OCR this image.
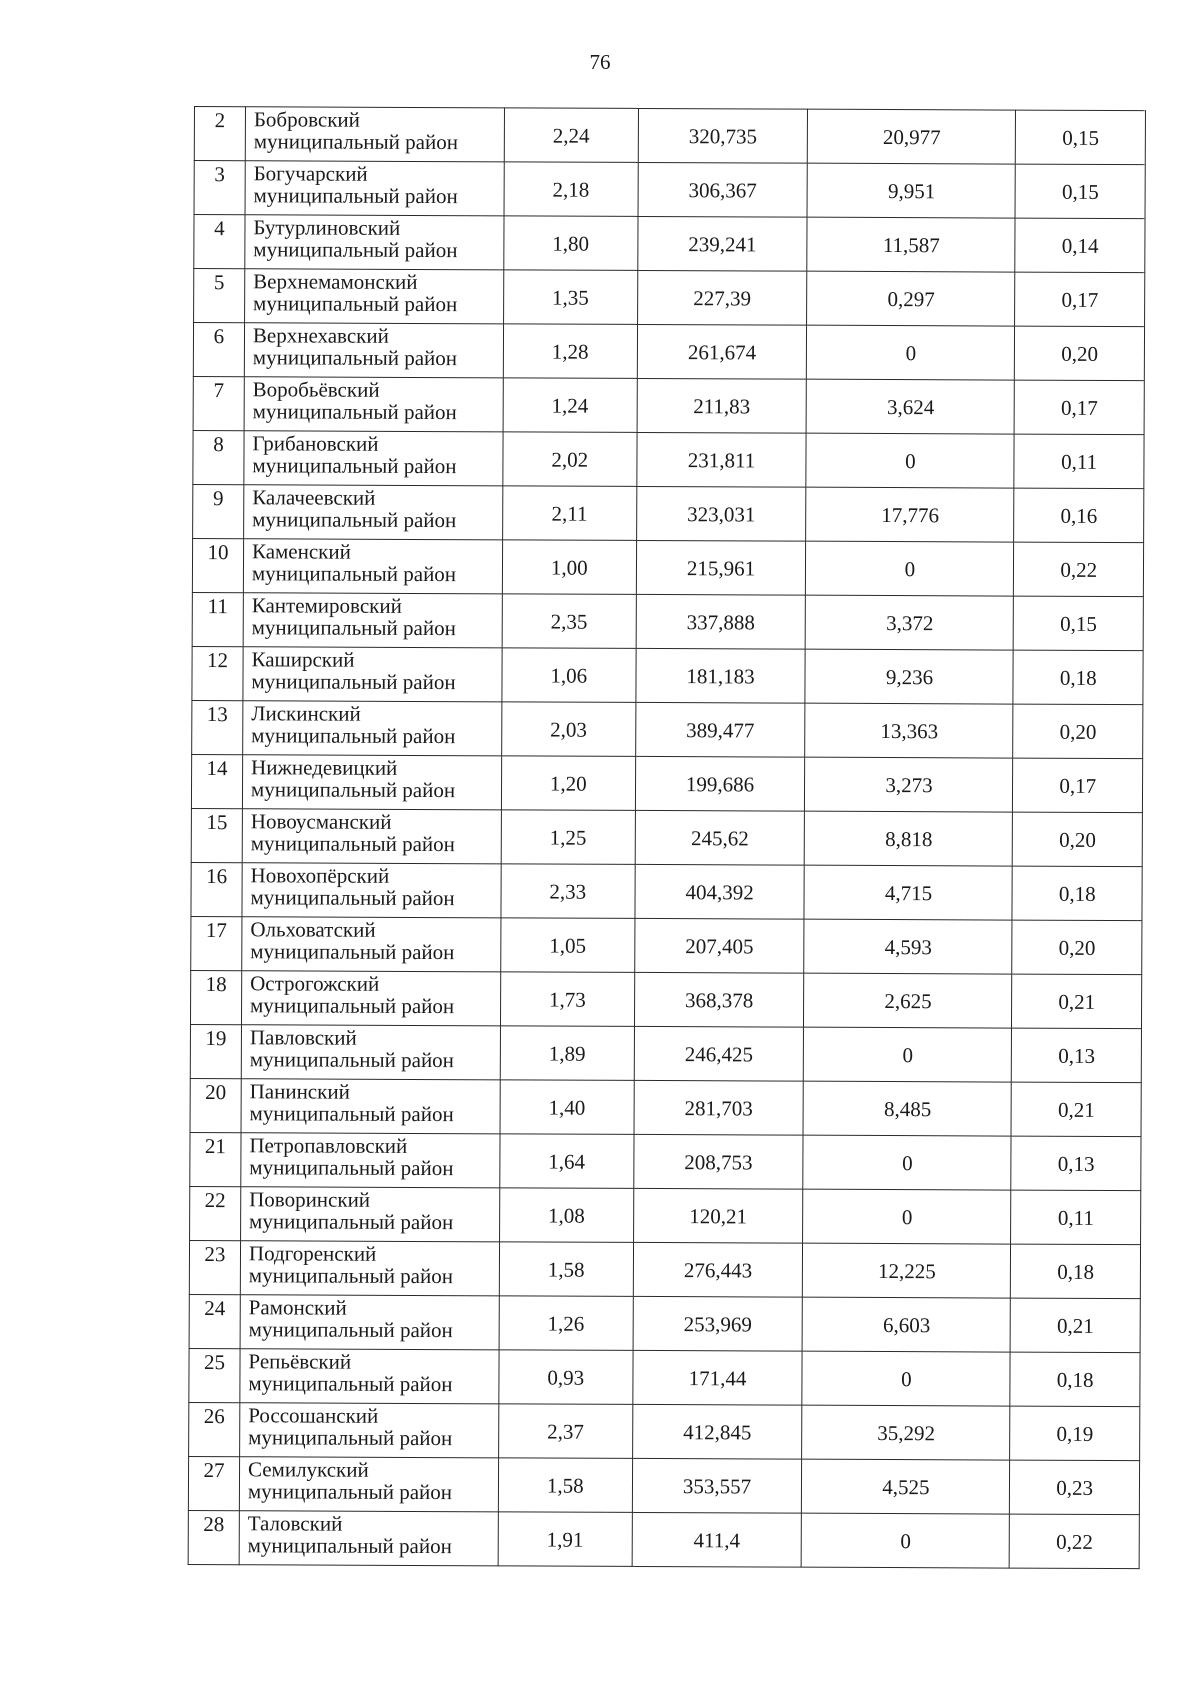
76
2	Бобровский
муниципальный район	2,24	320,735	20,977	0,15
3	Богучарский
муниципальный район	2,18	306,367	9,951	0,15
4	Бутурлиновский
муниципальный район	1,80	239,241	11,587	0,14
5	Верхнемамонский
муниципальный район	1,35	227,39	0,297	0,17
6	Верхнехавский
муниципальный район	1,28	261,674	0	0,20
7	Воробьёвский
муниципальный район	1,24	211,83	3,624	0,17
8	Грибановский
муниципальный район	2,02	231,811	0	0,11
9	Калачеевский
муниципальный район	2,11	323,031	17,776	0,16
10	Каменский
муниципальный район	1,00	215,961	0	0,22
11	Кантемировский
муниципальный район	2,35	337,888	3,372	0,15
12	Каширский
муниципальный район	1,06	181,183	9,236	0,18
13	Лискинский
муниципальный район	2,03	389,477	13,363	0,20
14	Нижнедевицкий
муниципальный район	1,20	199,686	3,273	0,17
15	Новоусманский
муниципальный район	1,25	245,62	8,818	0,20
16	Новохопёрский
муниципальный район	2,33	404,392	4,715	0,18
17	Ольховатский
муниципальный район	1,05	207,405	4,593	0,20
18	Острогожский
муниципальный район	1,73	368,378	2,625	0,21
19	Павловский
муниципальный район	1,89	246,425	0	0,13
20	Панинский
муниципальный район	1,40	281,703	8,485	0,21
21	Петропавловский
муниципальный район	1,64	208,753	0	0,13
22	Поворинский
муниципальный район	1,08	120,21	0	0,11
23	Подгоренский
муниципальный район	1,58	276,443	12,225	0,18
24	Рамонский
муниципальный район	1,26	253,969	6,603	0,21
25	Репьёвский
муниципальный район	0,93	171,44	0	0,18
26	Россошанский
муниципальный район	2,37	412,845	35,292	0,19
27	Семилукский
муниципальный район	1,58	353,557	4,525	0,23
28	Таловский
муниципальный район	1,91	411,4	0	0,22
